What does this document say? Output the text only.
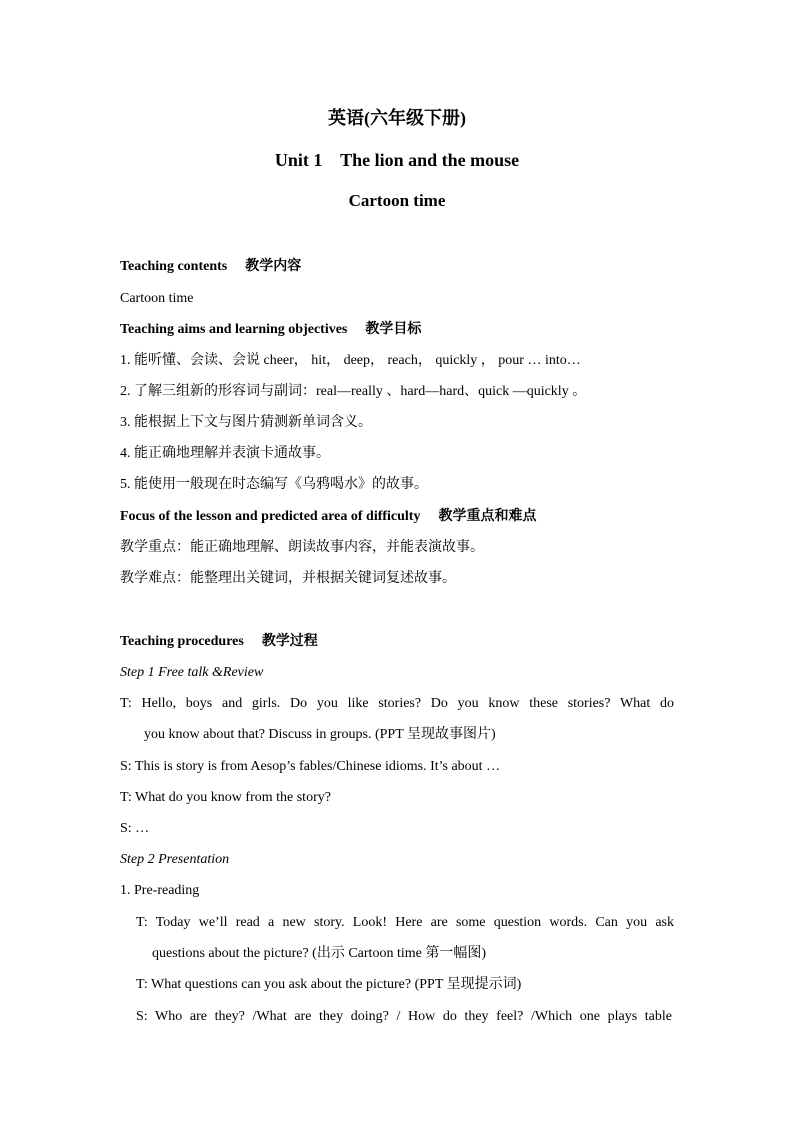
英语(六年级下册)
Unit 1    The lion and the mouse
Cartoon time
Teaching contents 教学内容
Cartoon time
Teaching aims and learning objectives 教学目标
1. 能听懂、会读、会说 cheer， hit， deep， reach， quickly ， pour … into…
2. 了解三组新的形容词与副词：real—really 、hard—hard、quick —quickly 。
3. 能根据上下文与图片猜测新单词含义。
4. 能正确地理解并表演卡通故事。
5. 能使用一般现在时态编写《乌鸦喝水》的故事。
Focus of the lesson and predicted area of difficulty 教学重点和难点
教学重点：能正确地理解、朗读故事内容，并能表演故事。
教学难点：能整理出关键词，并根据关键词复述故事。
Teaching procedures 教学过程
Step 1 Free talk &Review
T: Hello, boys and girls. Do you like stories? Do you know these stories? What do
you know about that? Discuss in groups. (PPT 呈现故事图片)
S: This is story is from Aesop’s fables/Chinese idioms. It’s about …
T: What do you know from the story?
S: …
Step 2 Presentation
1. Pre-reading
T: Today we’ll read a new story. Look! Here are some question words. Can you ask
questions about the picture? (出示 Cartoon time 第一幅图)
T: What questions can you ask about the picture? (PPT 呈现提示词)
S: Who are they? /What are they doing? / How do they feel? /Which one plays table
